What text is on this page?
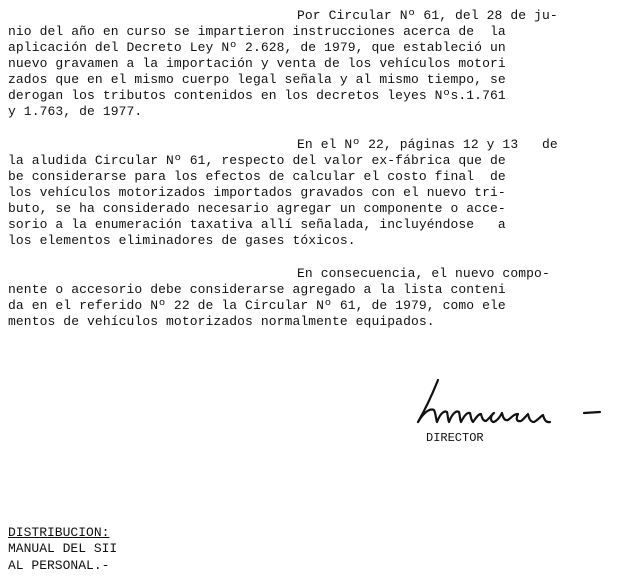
Por Circular Nº 61, del 28 de ju-
nio del año en curso se impartieron instrucciones acerca de  la
aplicación del Decreto Ley Nº 2.628, de 1979, que estableció un
nuevo gravamen a la importación y venta de los vehículos motori
zados que en el mismo cuerpo legal señala y al mismo tiempo, se
derogan los tributos contenidos en los decretos leyes Nºs.1.761
y 1.763, de 1977.
En el Nº 22, páginas 12 y 13   de
la aludida Circular Nº 61, respecto del valor ex-fábrica que de
be considerarse para los efectos de calcular el costo final  de
los vehículos motorizados importados gravados con el nuevo tri-
buto, se ha considerado necesario agregar un componente o acce-
sorio a la enumeración taxativa allí señalada, incluyéndose   a
los elementos eliminadores de gases tóxicos.
En consecuencia, el nuevo compo-
nente o accesorio debe considerarse agregado a la lista conteni
da en el referido Nº 22 de la Circular Nº 61, de 1979, como ele
mentos de vehículos motorizados normalmente equipados.
DIRECTOR
DISTRIBUCION:
MANUAL DEL SII
AL PERSONAL.-
